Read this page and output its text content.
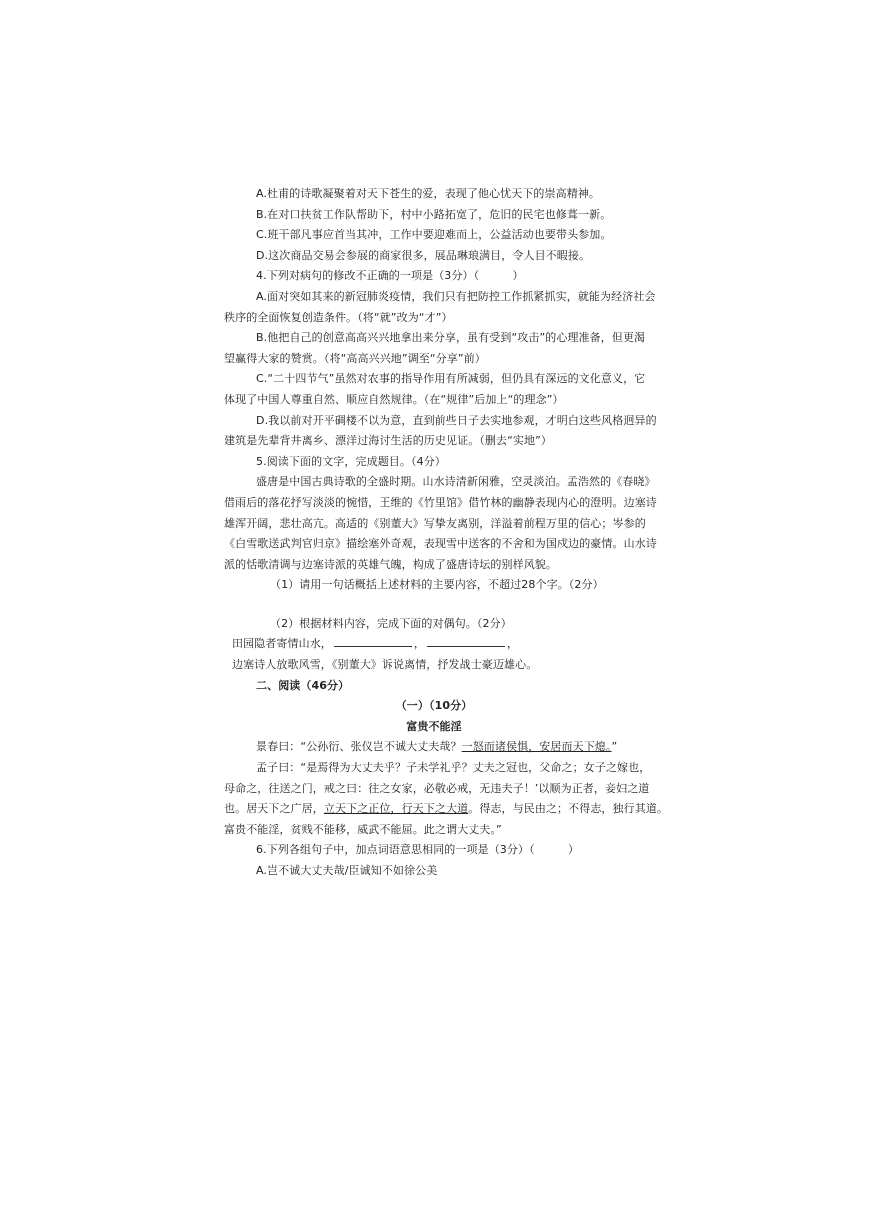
A.杜甫的诗歌凝聚着对天下苍生的爱，表现了他心忧天下的崇高精神。
B.在对口扶贫工作队帮助下，村中小路拓宽了，危旧的民宅也修葺一新。
C.班干部凡事应首当其冲，工作中要迎难而上，公益活动也要带头参加。
D.这次商品交易会参展的商家很多，展品琳琅满目，令人目不暇接。
4.下列对病句的修改不正确的一项是（3分）（　　　）
A.面对突如其来的新冠肺炎疫情，我们只有把防控工作抓紧抓实，就能为经济社会
秩序的全面恢复创造条件。（将“就”改为“才”）
B.他把自己的创意高高兴兴地拿出来分享，虽有受到“攻击”的心理准备，但更渴
望赢得大家的赞赏。（将“高高兴兴地”调至“分享”前）
C.“二十四节气”虽然对农事的指导作用有所减弱，但仍具有深远的文化意义，它
体现了中国人尊重自然、顺应自然规律。（在“规律”后加上“的理念”）
D.我以前对开平碉楼不以为意，直到前些日子去实地参观，才明白这些风格迥异的
建筑是先辈背井离乡、漂洋过海讨生活的历史见证。（删去“实地”）
5.阅读下面的文字，完成题目。（4分）
盛唐是中国古典诗歌的全盛时期。山水诗清新闲雅，空灵淡泊。孟浩然的《春晓》
借雨后的落花抒写淡淡的惋惜，王维的《竹里馆》借竹林的幽静表现内心的澄明。边塞诗
雄浑开阔，悲壮高亢。高适的《别董大》写挚友离别，洋溢着前程万里的信心；岑参的
《白雪歌送武判官归京》描绘塞外奇观，表现雪中送客的不舍和为国戍边的豪情。山水诗
派的恬歌清调与边塞诗派的英雄气魄，构成了盛唐诗坛的别样风貌。
（1）请用一句话概括上述材料的主要内容，不超过28个字。（2分）
（2）根据材料内容，完成下面的对偶句。（2分）
田园隐者寄情山水，	，	，
边塞诗人放歌风雪，《别董大》诉说离情，抒发战士豪迈雄心。
二、阅读（46分）
（一）（10分）
富贵不能淫
景春曰：“公孙衍、张仪岂不诚大丈夫哉？一怒而诸侯惧，安居而天下熄。”
孟子曰：“是焉得为大丈夫乎？子未学礼乎？丈夫之冠也，父命之；女子之嫁也，
母命之，往送之门，戒之曰：往之女家，必敬必戒，无违夫子！’以顺为正者，妾妇之道
也。居天下之广居，立天下之正位，行天下之大道。得志，与民由之；不得志，独行其道。
富贵不能淫，贫贱不能移，威武不能屈。此之谓大丈夫。”
6.下列各组句子中，加点词语意思相同的一项是（3分）（　　　）
A.岂不诚大丈夫哉/臣诚知不如徐公美
